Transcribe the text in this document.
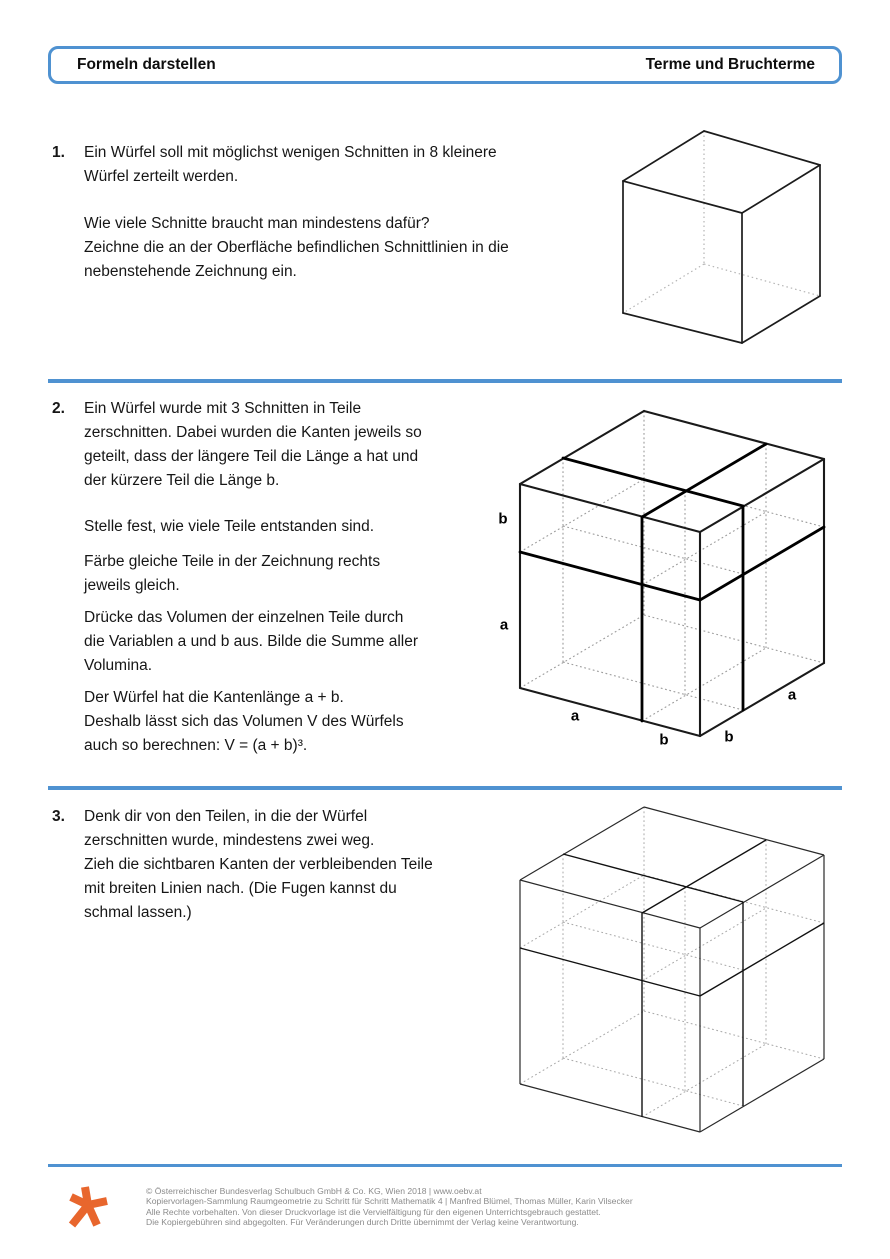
Formeln darstellen	Terme und Bruchterme
1. Ein Würfel soll mit möglichst wenigen Schnitten in 8 kleinere
Würfel zerteilt werden.
Wie viele Schnitte braucht man mindestens dafür?
Zeichne die an der Oberfläche befindlichen Schnittlinien in die
nebenstehende Zeichnung ein.
2. Ein Würfel wurde mit 3 Schnitten in Teile
zerschnitten. Dabei wurden die Kanten jeweils so
geteilt, dass der längere Teil die Länge a hat und
der kürzere Teil die Länge b.
Stelle fest, wie viele Teile entstanden sind.
Färbe gleiche Teile in der Zeichnung rechts
jeweils gleich.
Drücke das Volumen der einzelnen Teile durch
die Variablen a und b aus. Bilde die Summe aller
Volumina.
Der Würfel hat die Kantenlänge a + b.
Deshalb lässt sich das Volumen V des Würfels
auch so berechnen: V = (a + b)³.
b
a
a
b	b
a
3. Denk dir von den Teilen, in die der Würfel
zerschnitten wurde, mindestens zwei weg.
Zieh die sichtbaren Kanten der verbleibenden Teile
mit breiten Linien nach. (Die Fugen kannst du
schmal lassen.)
© Österreichischer Bundesverlag Schulbuch GmbH & Co. KG, Wien 2018 | www.oebv.at
Kopiervorlagen-Sammlung Raumgeometrie zu Schritt für Schritt Mathematik 4 | Manfred Blümel, Thomas Müller, Karin Vilsecker
Alle Rechte vorbehalten. Von dieser Druckvorlage ist die Vervielfältigung für den eigenen Unterrichtsgebrauch gestattet.
Die Kopiergebühren sind abgegolten. Für Veränderungen durch Dritte übernimmt der Verlag keine Verantwortung.
